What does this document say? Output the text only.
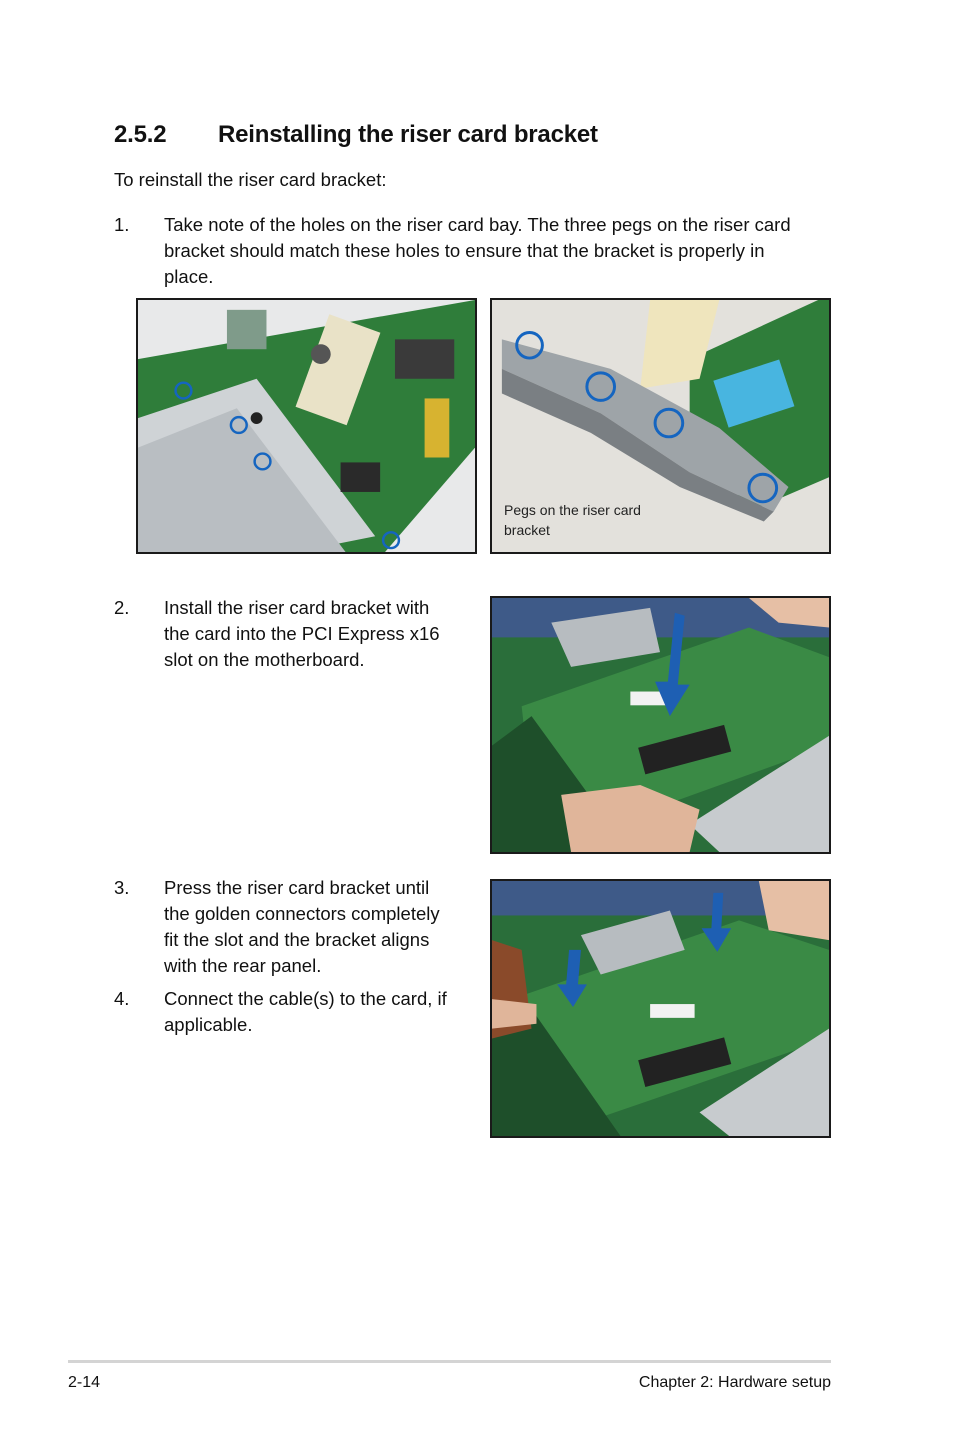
2.5.2 Reinstalling the riser card bracket
To reinstall the riser card bracket:
1. Take note of the holes on the riser card bay. The three pegs on the riser card
bracket should match these holes to ensure that the bracket is properly in
place.
Pegs on the riser card
bracket
2. Install the riser card bracket with
the card into the PCI Express x16
slot on the motherboard.
3. Press the riser card bracket until
the golden connectors completely
fit the slot and the bracket aligns
with the rear panel.
4. Connect the cable(s) to the card, if
applicable.
2-14	Chapter 2: Hardware setup
